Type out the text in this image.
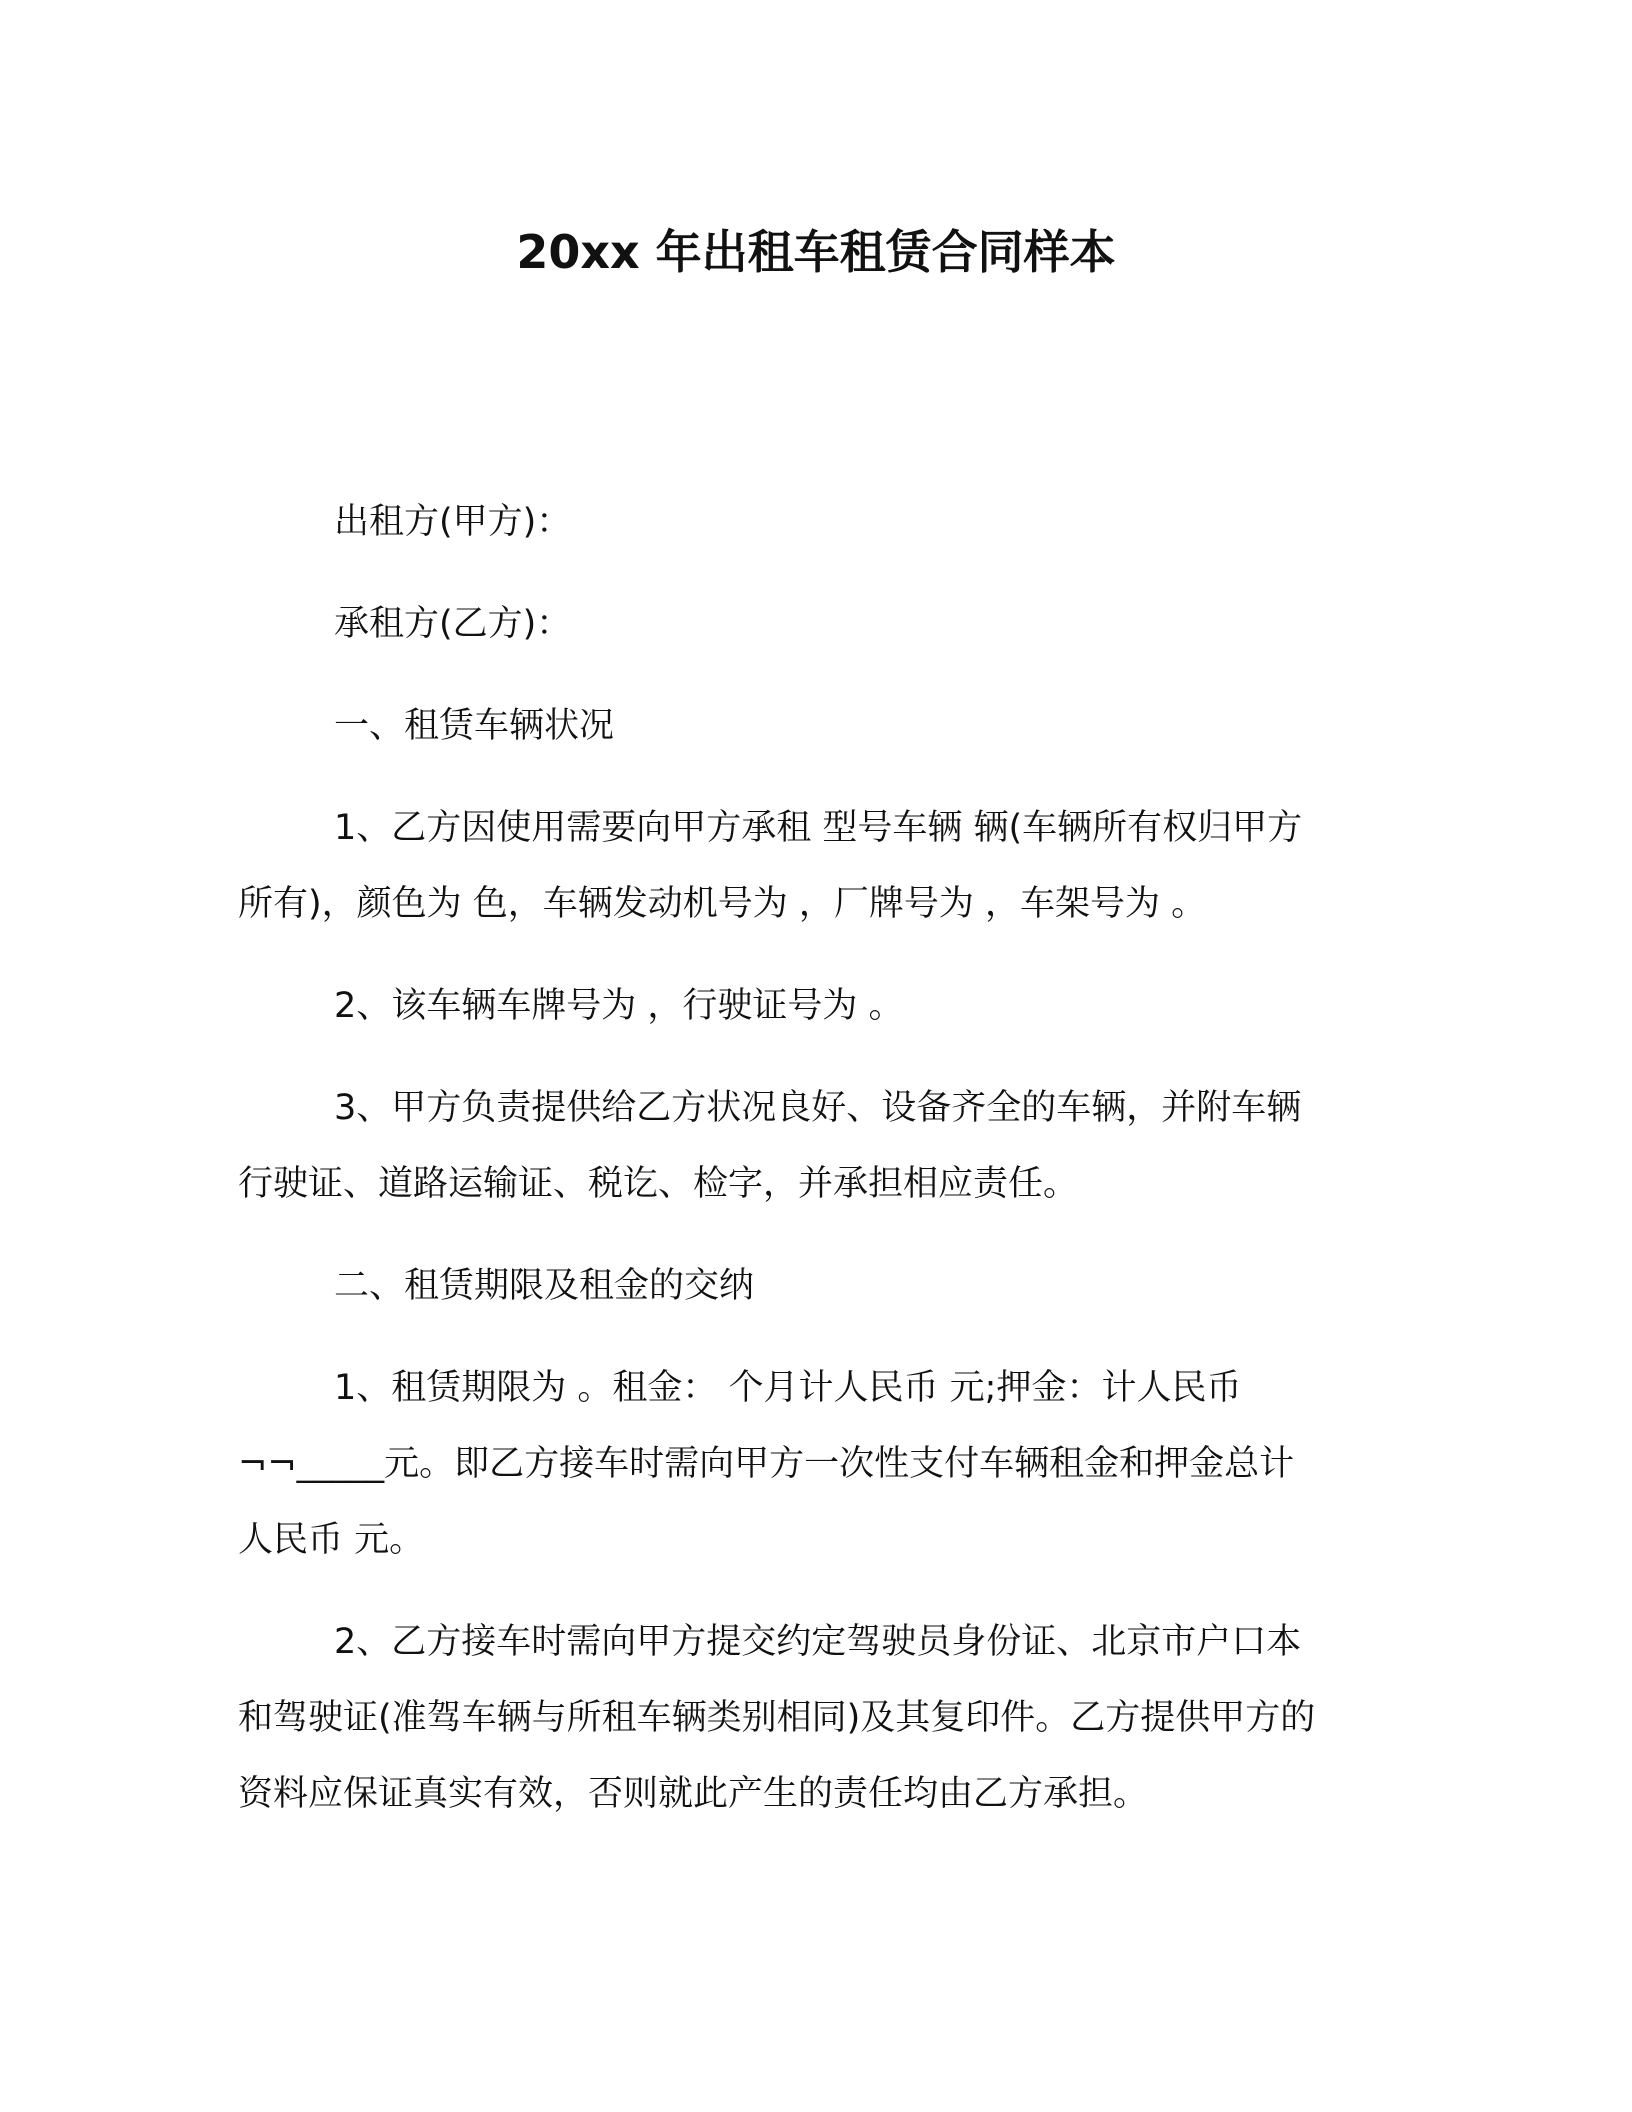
20xx 年出租车租赁合同样本
出租方(甲方)：
承租方(乙方)：
一、租赁车辆状况
1、乙方因使用需要向甲方承租 型号车辆 辆(车辆所有权归甲方
所有)，颜色为 色，车辆发动机号为 ，厂牌号为 ，车架号为 。
2、该车辆车牌号为 ，行驶证号为 。
3、甲方负责提供给乙方状况良好、设备齐全的车辆，并附车辆
行驶证、道路运输证、税讫、检字，并承担相应责任。
二、租赁期限及租金的交纳
1、租赁期限为 。租金： 个月计人民币 元;押金：计人民币
¬¬_____元。即乙方接车时需向甲方一次性支付车辆租金和押金总计
人民币 元。
2、乙方接车时需向甲方提交约定驾驶员身份证、北京市户口本
和驾驶证(准驾车辆与所租车辆类别相同)及其复印件。乙方提供甲方的
资料应保证真实有效，否则就此产生的责任均由乙方承担。
